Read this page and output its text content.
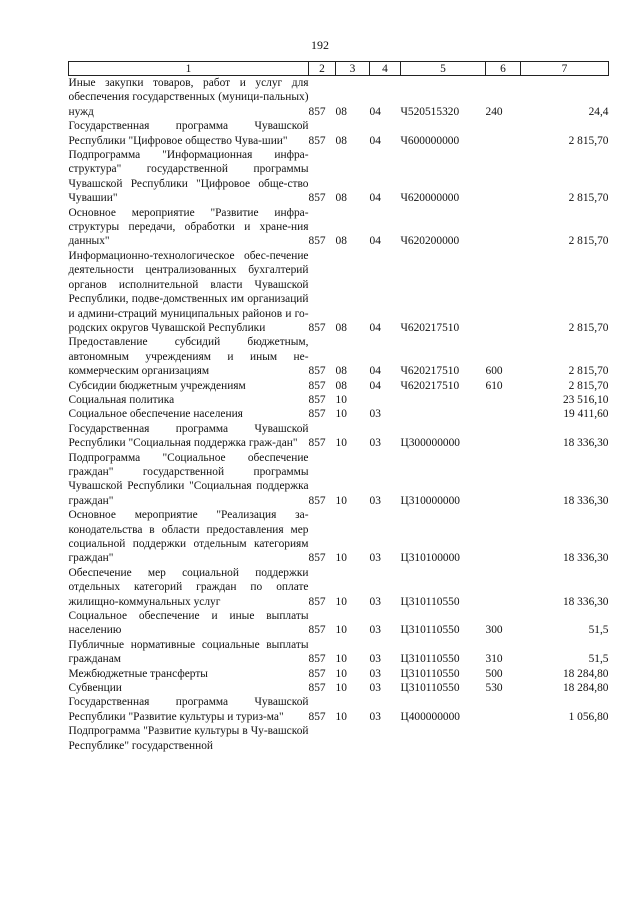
192
1	2	3	4	5	6	7
Иные закупки товаров, работ и услуг для обеспечения государственных (муници-пальных) нужд	857	08	04	Ч520515320	240	24,4
Государственная программа Чувашской Республики "Цифровое общество Чува-шии"	857	08	04	Ч600000000		2 815,70
Подпрограмма "Информационная инфра-структура" государственной программы Чувашской Республики "Цифровое обще-ство Чувашии"	857	08	04	Ч620000000		2 815,70
Основное мероприятие "Развитие инфра-структуры передачи, обработки и хране-ния данных"	857	08	04	Ч620200000		2 815,70
Информационно-технологическое обес-печение деятельности централизованных бухгалтерий органов исполнительной власти Чувашской Республики, подве-домственных им организаций и админи-страций муниципальных районов и го-родских округов Чувашской Республики	857	08	04	Ч620217510		2 815,70
Предоставление субсидий бюджетным, автономным учреждениям и иным не-коммерческим организациям	857	08	04	Ч620217510	600	2 815,70
Субсидии бюджетным учреждениям	857	08	04	Ч620217510	610	2 815,70
Социальная политика	857	10				23 516,10
Социальное обеспечение населения	857	10	03			19 411,60
Государственная программа Чувашской Республики "Социальная поддержка граж-дан"	857	10	03	Ц300000000		18 336,30
Подпрограмма "Социальное обеспечение граждан" государственной программы Чувашской Республики "Социальная поддержка граждан"	857	10	03	Ц310000000		18 336,30
Основное мероприятие "Реализация за-конодательства в области предоставления мер социальной поддержки отдельным категориям граждан"	857	10	03	Ц310100000		18 336,30
Обеспечение мер социальной поддержки отдельных категорий граждан по оплате жилищно-коммунальных услуг	857	10	03	Ц310110550		18 336,30
Социальное обеспечение и иные выплаты населению	857	10	03	Ц310110550	300	51,5
Публичные нормативные социальные выплаты гражданам	857	10	03	Ц310110550	310	51,5
Межбюджетные трансферты	857	10	03	Ц310110550	500	18 284,80
Субвенции	857	10	03	Ц310110550	530	18 284,80
Государственная программа Чувашской Республики "Развитие культуры и туриз-ма"	857	10	03	Ц400000000		1 056,80
Подпрограмма "Развитие культуры в Чу-вашской Республике" государственной						
